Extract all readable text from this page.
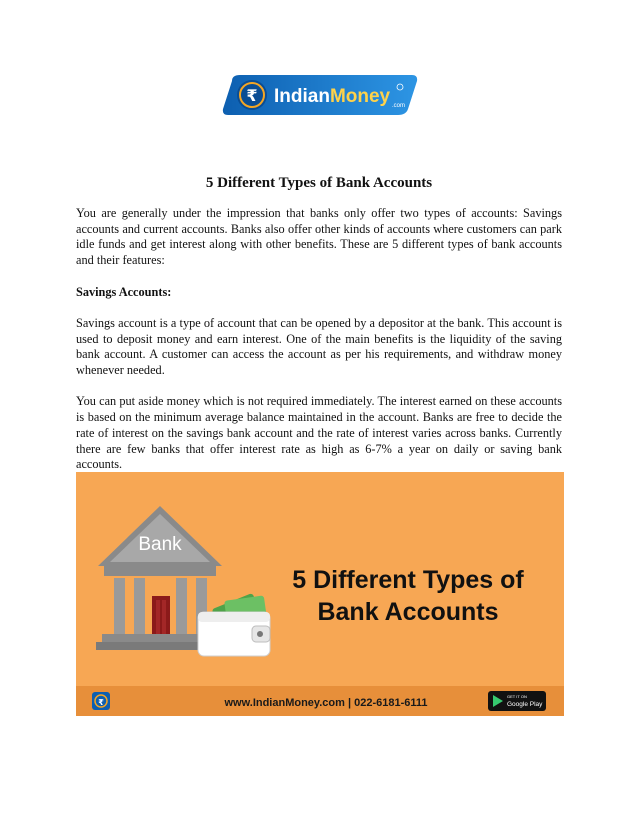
₹ IndianMoney .com
5 Different Types of Bank Accounts

You are generally under the impression that banks only offer two types of accounts: Savings accounts and current accounts. Banks also offer other kinds of accounts where customers can park idle funds and get interest along with other benefits. These are 5 different types of bank accounts and their features:

Savings Accounts:

Savings account is a type of account that can be opened by a depositor at the bank. This account is used to deposit money and earn interest. One of the main benefits is the liquidity of the saving bank account. A customer can access the account as per his requirements, and withdraw money whenever needed.

You can put aside money which is not required immediately. The interest earned on these accounts is based on the minimum average balance maintained in the account. Banks are free to decide the rate of interest on the savings bank account and the rate of interest varies across banks. Currently there are few banks that offer interest rate as high as 6-7% a year on daily or saving bank accounts.

Bank
5 Different Types of
Bank Accounts
₹	www.IndianMoney.com | 022-6181-6111
GET IT ON
Google Play
